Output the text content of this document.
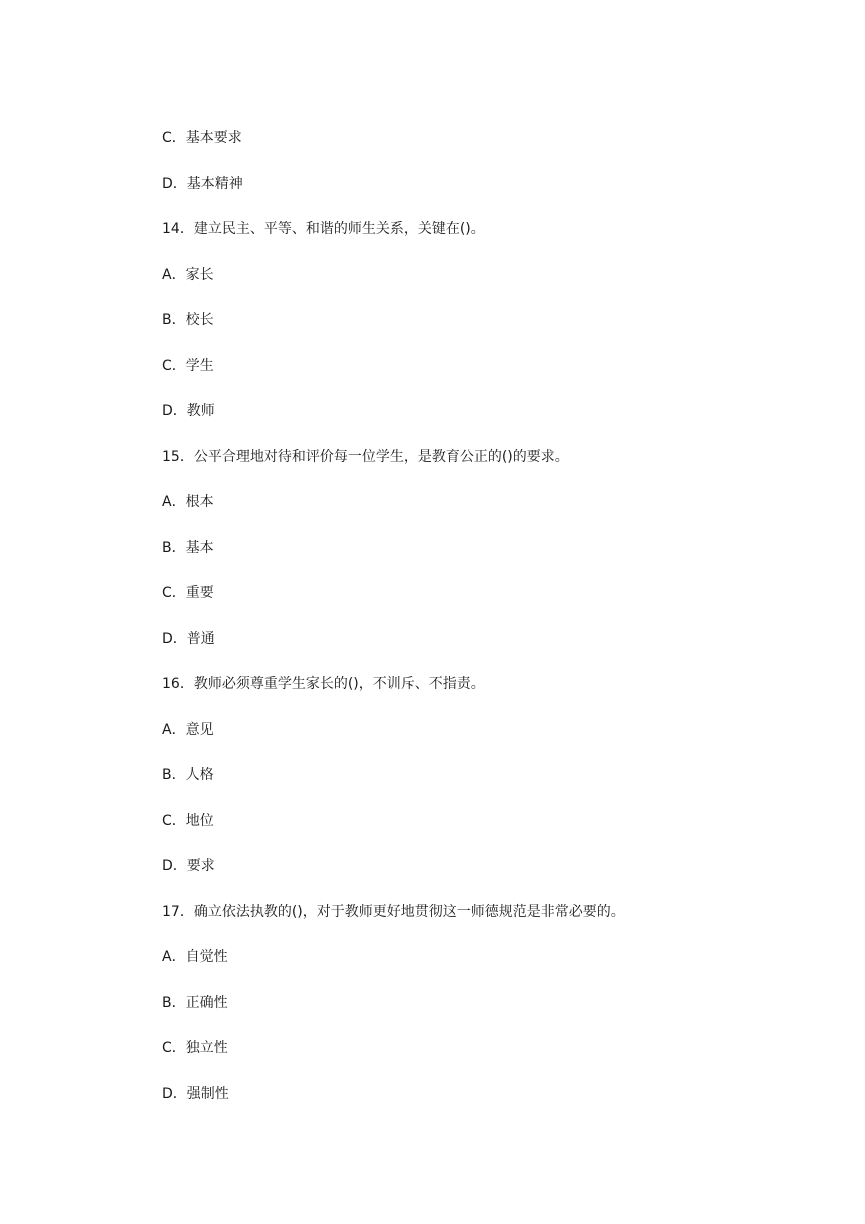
C．基本要求
D．基本精神
14．建立民主、平等、和谐的师生关系，关键在()。
A．家长
B．校长
C．学生
D．教师
15．公平合理地对待和评价每一位学生，是教育公正的()的要求。
A．根本
B．基本
C．重要
D．普通
16．教师必须尊重学生家长的()，不训斥、不指责。
A．意见
B．人格
C．地位
D．要求
17．确立依法执教的()，对于教师更好地贯彻这一师德规范是非常必要的。
A．自觉性
B．正确性
C．独立性
D．强制性
